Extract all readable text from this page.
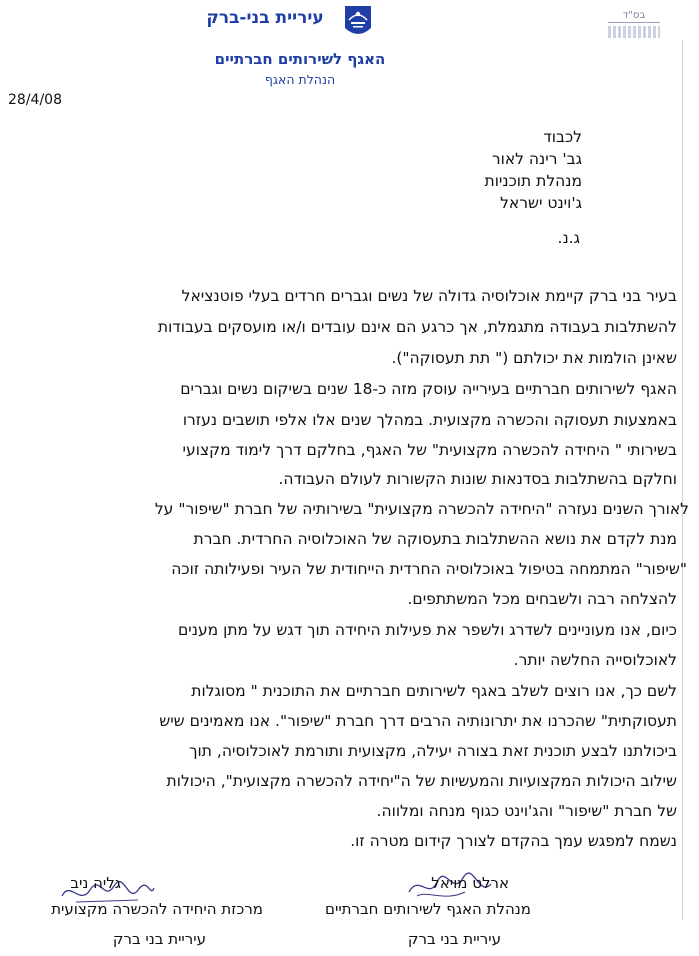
בס"ד
עיריית בני-ברק
האגף לשירותים חברתיים
הנהלת האגף
28/4/08
לכבוד
גב' רינה לאור
מנהלת תוכניות
ג'וינט ישראל
ג.נ.
בעיר בני ברק קיימת אוכלוסיה גדולה של נשים וגברים חרדים בעלי פוטנציאל
להשתלבות בעבודה מתגמלת, אך כרגע הם אינם עובדים ו/או מועסקים בעבודות
שאינן הולמות את יכולתם (" תת תעסוקה").
האגף לשירותים חברתיים בעירייה עוסק מזה כ-18 שנים בשיקום נשים וגברים
באמצעות תעסוקה והכשרה מקצועית. במהלך שנים אלו אלפי תושבים נעזרו
בשירותי " היחידה להכשרה מקצועית" של האגף, בחלקם דרך לימוד מקצועי
וחלקם בהשתלבות בסדנאות שונות הקשורות לעולם העבודה.
לאורך השנים נעזרה "היחידה להכשרה מקצועית" בשירותיה של חברת "שיפור" על
מנת לקדם את נושא ההשתלבות בתעסוקה של האוכלוסיה החרדית. חברת
"שיפור" המתמחה בטיפול באוכלוסיה החרדית הייחודית של העיר ופעילותה זוכה
להצלחה רבה ולשבחים מכל המשתתפים.
כיום, אנו מעוניינים לשדרג ולשפר את פעילות היחידה תוך דגש על מתן מענים
לאוכלוסייה החלשה יותר.
לשם כך, אנו רוצים לשלב באגף לשירותים חברתיים את התוכנית " מסוגלות
תעסוקתית" שהכרנו את יתרונותיה הרבים דרך חברת "שיפור". אנו מאמינים שיש
ביכולתנו לבצע תוכנית זאת בצורה יעילה, מקצועית ותורמת לאוכלוסיה, תוך
שילוב היכולות המקצועיות והמעשיות של ה"יחידה להכשרה מקצועית", היכולות
של חברת "שיפור" והג'וינט כגוף מנחה ומלווה.
נשמח למפגש עמך בהקדם לצורך קידום מטרה זו.
ארלט מויאל
מנהלת האגף לשירותים חברתיים
עיריית בני ברק
גליה ניב
מרכזת היחידה להכשרה מקצועית
עיריית בני ברק
